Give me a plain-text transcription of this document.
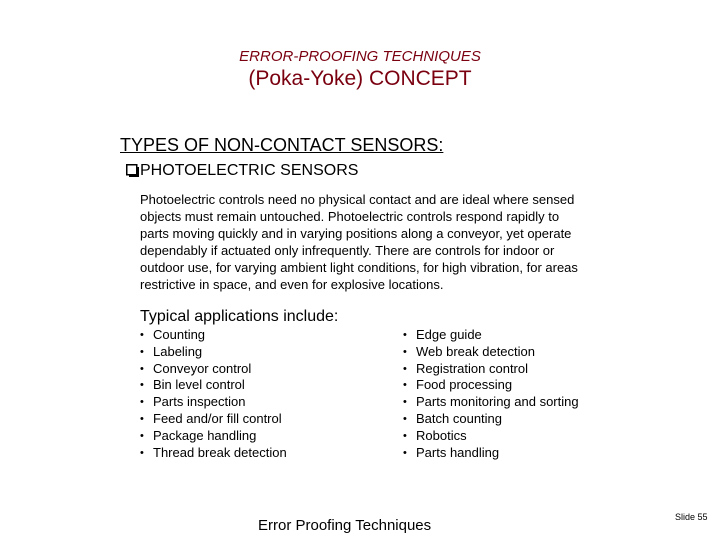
ERROR-PROOFING TECHNIQUES
(Poka-Yoke) CONCEPT
TYPES OF NON-CONTACT SENSORS:
PHOTOELECTRIC SENSORS
Photoelectric controls need no physical contact and are ideal where sensed
objects must remain untouched. Photoelectric controls respond rapidly to
parts moving quickly and in varying positions along a conveyor, yet operate
dependably if actuated only infrequently. There are controls for indoor or
outdoor use, for varying ambient light conditions, for high vibration, for areas
restrictive in space, and even for explosive locations.
Typical applications include:
• Counting
• Labeling
• Conveyor control
• Bin level control
• Parts inspection
• Feed and/or fill control
• Package handling
• Thread break detection
• Edge guide
• Web break detection
• Registration control
• Food processing
• Parts monitoring and sorting
• Batch counting
• Robotics
• Parts handling
Error Proofing Techniques	Slide 55
